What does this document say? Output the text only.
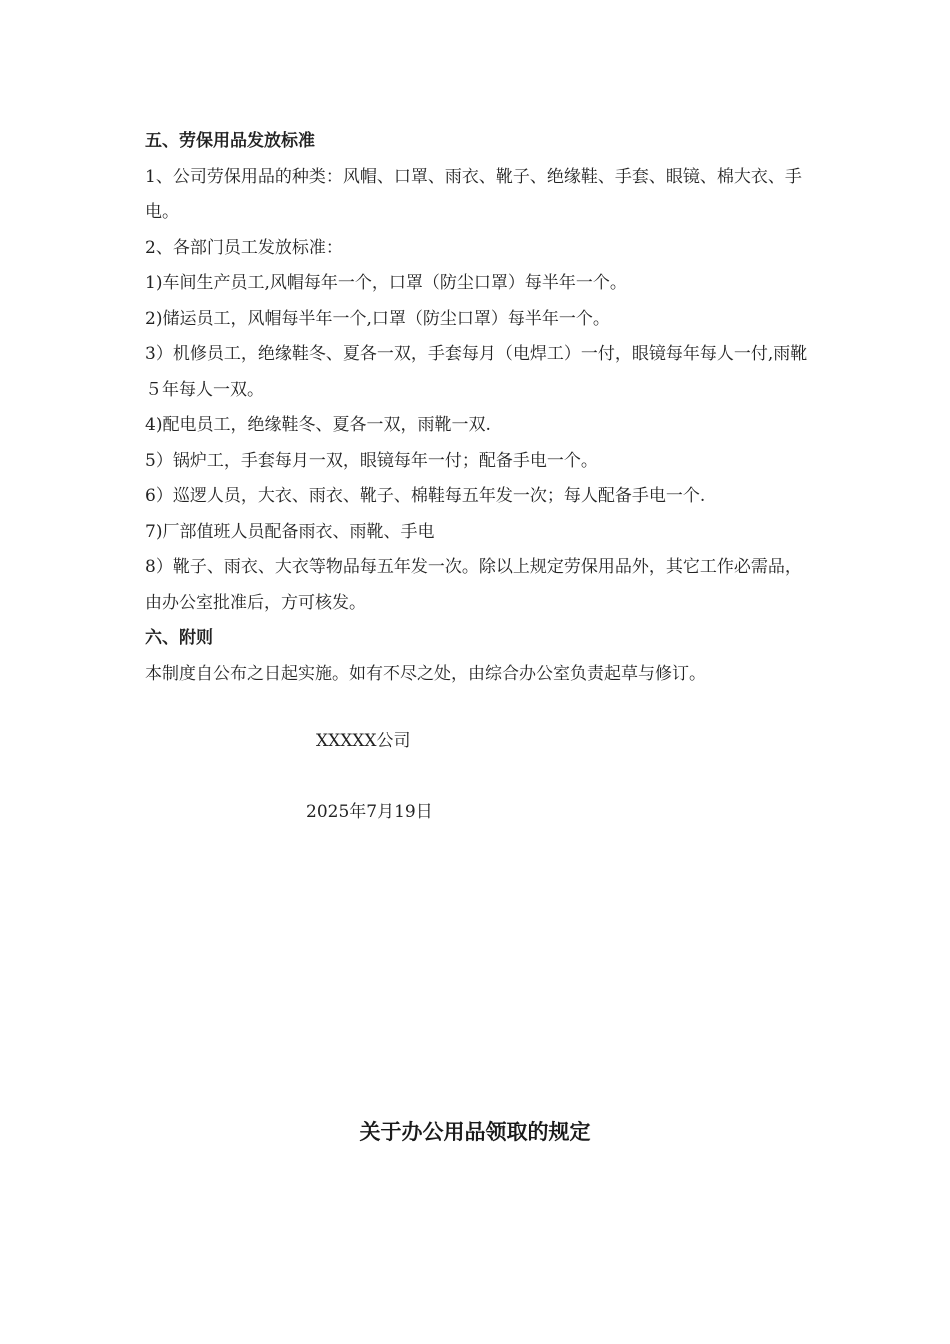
五、劳保用品发放标准

1、公司劳保用品的种类：风帽、口罩、雨衣、靴子、绝缘鞋、手套、眼镜、棉大衣、手电。

2、各部门员工发放标准：

1)车间生产员工,风帽每年一个，口罩（防尘口罩）每半年一个。

2)储运员工，风帽每半年一个,口罩（防尘口罩）每半年一个。

3）机修员工，绝缘鞋冬、夏各一双，手套每月（电焊工）一付，眼镜每年每人一付,雨靴５年每人一双。

4)配电员工，绝缘鞋冬、夏各一双，雨靴一双.

5）锅炉工，手套每月一双，眼镜每年一付；配备手电一个。

6）巡逻人员，大衣、雨衣、靴子、棉鞋每五年发一次；每人配备手电一个.

7)厂部值班人员配备雨衣、雨靴、手电

8）靴子、雨衣、大衣等物品每五年发一次。除以上规定劳保用品外，其它工作必需品，由办公室批准后，方可核发。

六、附则

本制度自公布之日起实施。如有不尽之处，由综合办公室负责起草与修订。

XXXXX公司
2025年7月19日
关于办公用品领取的规定
